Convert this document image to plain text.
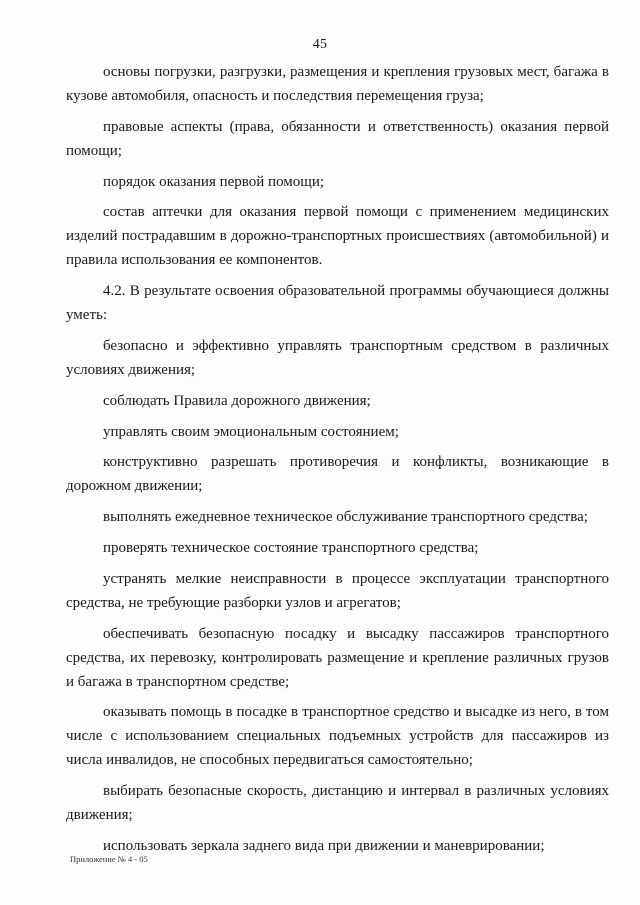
45

основы погрузки, разгрузки, размещения и крепления грузовых мест, багажа в кузове автомобиля, опасность и последствия перемещения груза;

правовые аспекты (права, обязанности и ответственность) оказания первой помощи;

порядок оказания первой помощи;

состав аптечки для оказания первой помощи с применением медицинских изделий пострадавшим в дорожно-транспортных происшествиях (автомобильной) и правила использования ее компонентов.

4.2. В результате освоения образовательной программы обучающиеся должны уметь:

безопасно и эффективно управлять транспортным средством в различных условиях движения;

соблюдать Правила дорожного движения;

управлять своим эмоциональным состоянием;

конструктивно разрешать противоречия и конфликты, возникающие в дорожном движении;

выполнять ежедневное техническое обслуживание транспортного средства;

проверять техническое состояние транспортного средства;

устранять мелкие неисправности в процессе эксплуатации транспортного средства, не требующие разборки узлов и агрегатов;

обеспечивать безопасную посадку и высадку пассажиров транспортного средства, их перевозку, контролировать размещение и крепление различных грузов и багажа в транспортном средстве;

оказывать помощь в посадке в транспортное средство и высадке из него, в том числе с использованием специальных подъемных устройств для пассажиров из числа инвалидов, не способных передвигаться самостоятельно;

выбирать безопасные скорость, дистанцию и интервал в различных условиях движения;

использовать зеркала заднего вида при движении и маневрировании;

Приложение № 4 - 05
